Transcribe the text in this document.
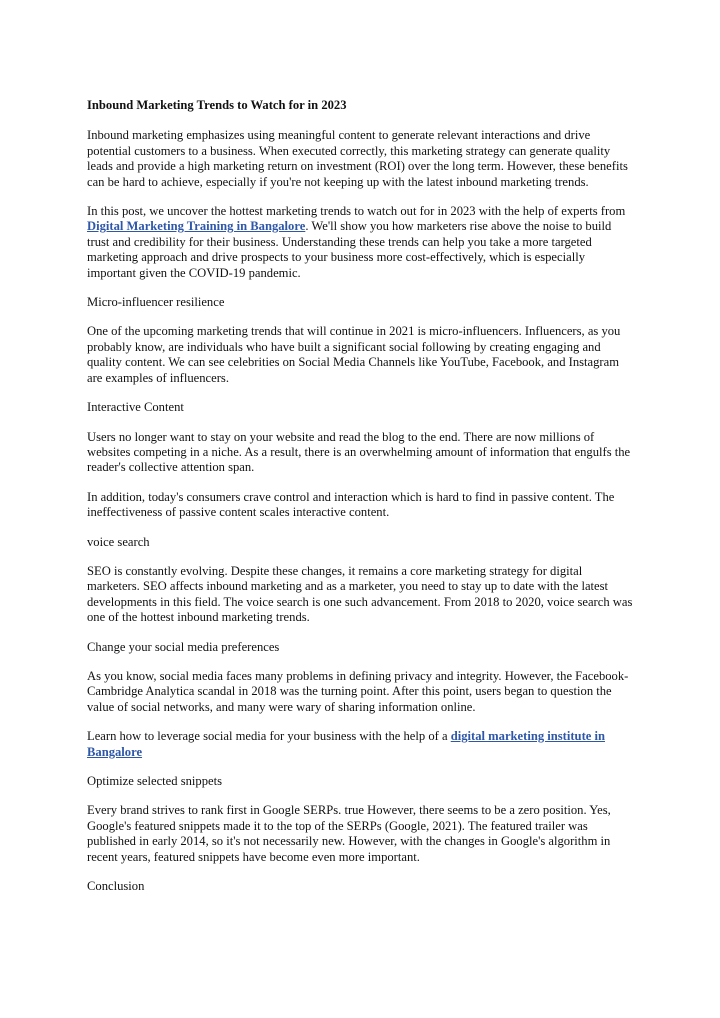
Inbound Marketing Trends to Watch for in 2023

Inbound marketing emphasizes using meaningful content to generate relevant interactions and drive potential customers to a business. When executed correctly, this marketing strategy can generate quality leads and provide a high marketing return on investment (ROI) over the long term. However, these benefits can be hard to achieve, especially if you're not keeping up with the latest inbound marketing trends.

In this post, we uncover the hottest marketing trends to watch out for in 2023 with the help of experts from Digital Marketing Training in Bangalore. We'll show you how marketers rise above the noise to build trust and credibility for their business. Understanding these trends can help you take a more targeted marketing approach and drive prospects to your business more cost-effectively, which is especially important given the COVID-19 pandemic.

Micro-influencer resilience

One of the upcoming marketing trends that will continue in 2021 is micro-influencers. Influencers, as you probably know, are individuals who have built a significant social following by creating engaging and quality content. We can see celebrities on Social Media Channels like YouTube, Facebook, and Instagram are examples of influencers.

Interactive Content

Users no longer want to stay on your website and read the blog to the end. There are now millions of websites competing in a niche. As a result, there is an overwhelming amount of information that engulfs the reader's collective attention span.

In addition, today's consumers crave control and interaction which is hard to find in passive content. The ineffectiveness of passive content scales interactive content.

voice search

SEO is constantly evolving. Despite these changes, it remains a core marketing strategy for digital marketers. SEO affects inbound marketing and as a marketer, you need to stay up to date with the latest developments in this field. The voice search is one such advancement. From 2018 to 2020, voice search was one of the hottest inbound marketing trends.

Change your social media preferences

As you know, social media faces many problems in defining privacy and integrity. However, the Facebook-Cambridge Analytica scandal in 2018 was the turning point. After this point, users began to question the value of social networks, and many were wary of sharing information online.

Learn how to leverage social media for your business with the help of a digital marketing institute in Bangalore

Optimize selected snippets

Every brand strives to rank first in Google SERPs. true However, there seems to be a zero position. Yes, Google's featured snippets made it to the top of the SERPs (Google, 2021). The featured trailer was published in early 2014, so it's not necessarily new. However, with the changes in Google's algorithm in recent years, featured snippets have become even more important.

Conclusion
